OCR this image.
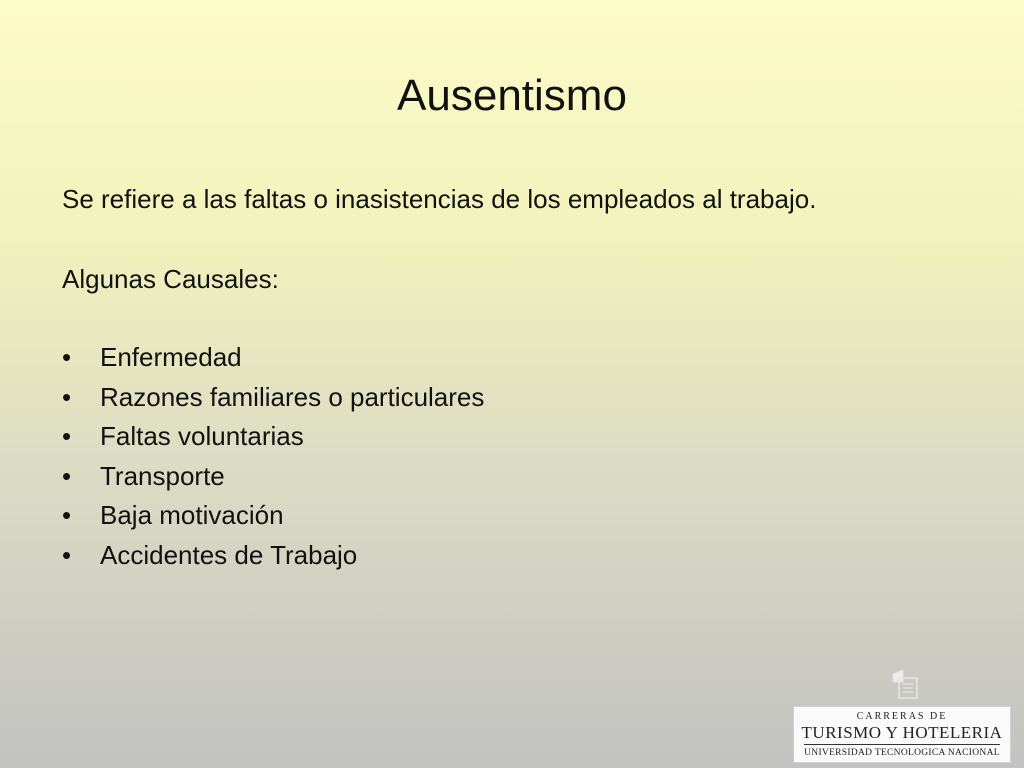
Ausentismo

Se refiere a las faltas o inasistencias de los empleados al trabajo.

Algunas Causales:

•	Enfermedad
•	Razones familiares o particulares
•	Faltas voluntarias
•	Transporte
•	Baja motivación
•	Accidentes de Trabajo
CARRERAS DE
TURISMO Y HOTELERIA
UNIVERSIDAD TECNOLOGICA NACIONAL
